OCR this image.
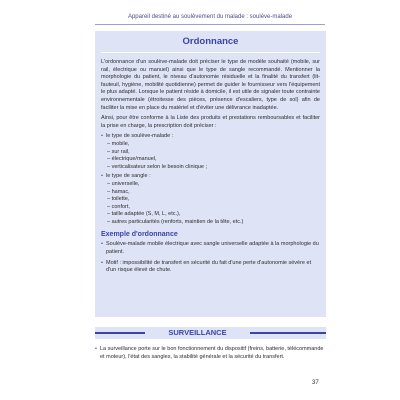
Appareil destiné au soulèvement du malade : soulève-malade
Ordonnance

L'ordonnance d'un soulève-malade doit préciser le type de modèle souhaité (mobile, sur rail, électrique ou manuel) ainsi que le type de sangle recommandé. Mentionner la morphologie du patient, le niveau d'autonomie résiduelle et la finalité du transfert (lit-fauteuil, hygiène, mobilité quotidienne) permet de guider le fournisseur vers l'équipement le plus adapté. Lorsque le patient réside à domicile, il est utile de signaler toute contrainte environnementale (étroitesse des pièces, présence d'escaliers, type de sol) afin de faciliter la mise en place du matériel et d'éviter une délivrance inadaptée.

Ainsi, pour être conforme à la Liste des produits et prestations remboursables et faciliter la prise en charge, la prescription doit préciser :

• le type de soulève-malade :
– mobile,
– sur rail,
– électrique/manuel,
– verticalisateur selon le besoin clinique ;
• le type de sangle :
– universelle,
– hamac,
– toilette,
– confort,
– taille adaptée (S, M, L, etc.),
– autres particularités (renforts, maintien de la tête, etc.)
Exemple d'ordonnance
• Soulève-malade mobile électrique avec sangle universelle adaptée à la morphologie du patient.
• Motif : impossibilité de transfert en sécurité du fait d'une perte d'autonomie sévère et d'un risque élevé de chute.
SURVEILLANCE
• La surveillance porte sur le bon fonctionnement du dispositif (freins, batterie, télécommande et moteur), l'état des sangles, la stabilité générale et la sécurité du transfert.
37
